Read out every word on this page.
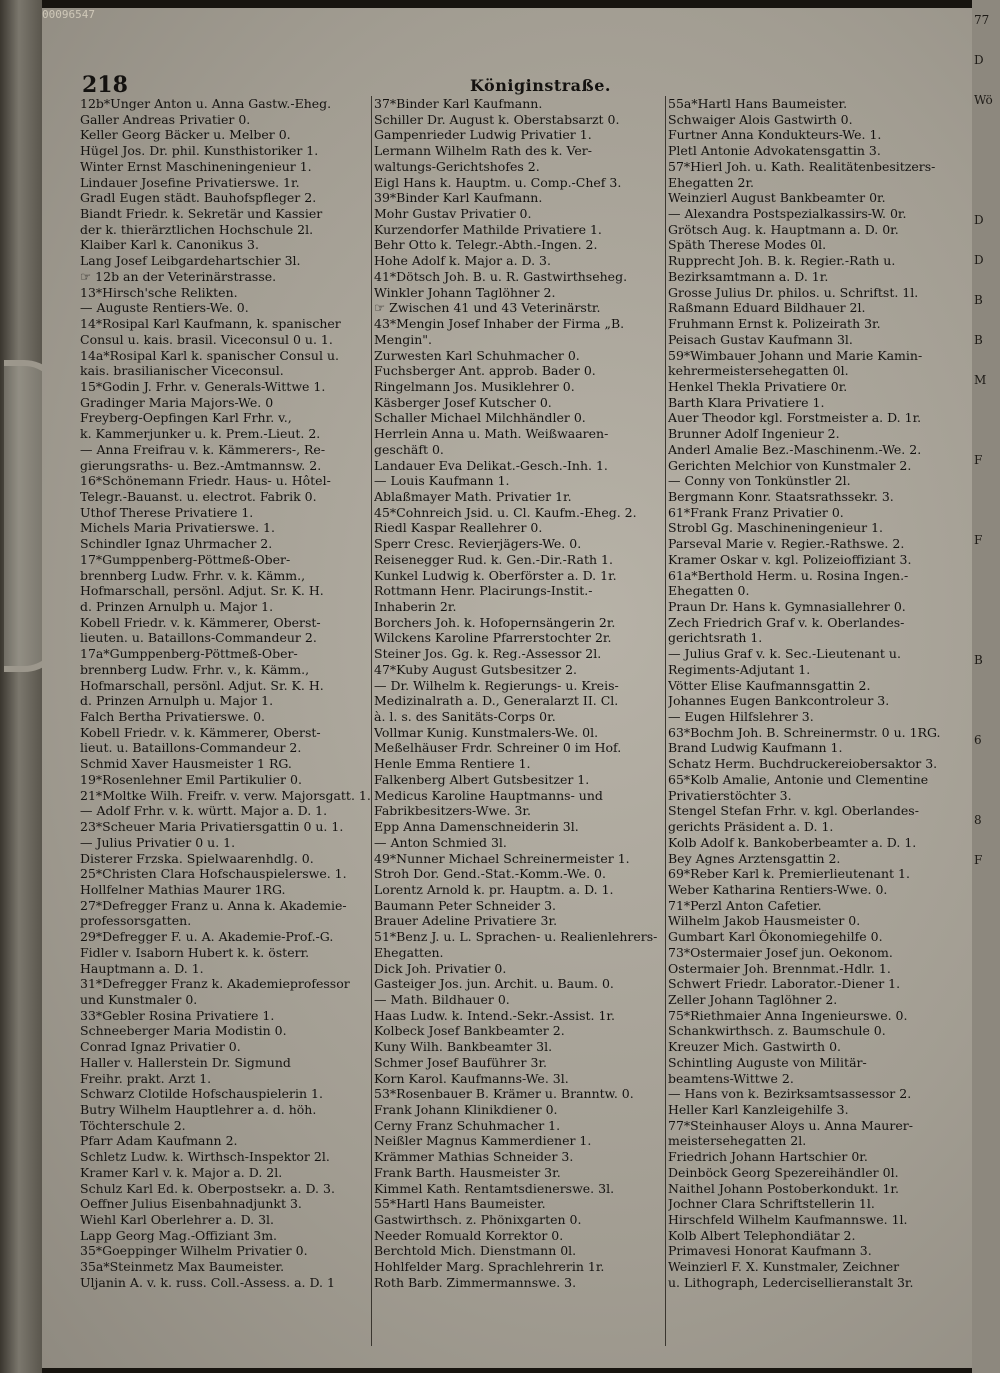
00096547
218	Königinstraße.
12b*Unger Anton u. Anna Gastw.-Eheg.
Galler Andreas Privatier 0.
Keller Georg Bäcker u. Melber 0.
Hügel Jos. Dr. phil. Kunsthistoriker 1.
Winter Ernst Maschineningenieur 1.
Lindauer Josefine Privatierswe. 1r.
Gradl Eugen städt. Bauhofspfleger 2.
Biandt Friedr. k. Sekretär und Kassier
der k. thierärztlichen Hochschule 2l.
Klaiber Karl k. Canonikus 3.
Lang Josef Leibgardehartschier 3l.
☞ 12b an der Veterinärstrasse.
13*Hirsch'sche Relikten.
— Auguste Rentiers-We. 0.
14*Rosipal Karl Kaufmann, k. spanischer
Consul u. kais. brasil. Viceconsul 0 u. 1.
14a*Rosipal Karl k. spanischer Consul u.
kais. brasilianischer Viceconsul.
15*Godin J. Frhr. v. Generals-Wittwe 1.
Gradinger Maria Majors-We. 0
Freyberg-Oepfingen Karl Frhr. v.,
k. Kammerjunker u. k. Prem.-Lieut. 2.
— Anna Freifrau v. k. Kämmerers-, Re-
gierungsraths- u. Bez.-Amtmannsw. 2.
16*Schönemann Friedr. Haus- u. Hôtel-
Telegr.-Bauanst. u. electrot. Fabrik 0.
Uthof Therese Privatiere 1.
Michels Maria Privatierswe. 1.
Schindler Ignaz Uhrmacher 2.
17*Gumppenberg-Pöttmeß-Ober-
brennberg Ludw. Frhr. v. k. Kämm.,
Hofmarschall, persönl. Adjut. Sr. K. H.
d. Prinzen Arnulph u. Major 1.
Kobell Friedr. v. k. Kämmerer, Oberst-
lieuten. u. Bataillons-Commandeur 2.
17a*Gumppenberg-Pöttmeß-Ober-
brennberg Ludw. Frhr. v., k. Kämm.,
Hofmarschall, persönl. Adjut. Sr. K. H.
d. Prinzen Arnulph u. Major 1.
Falch Bertha Privatierswe. 0.
Kobell Friedr. v. k. Kämmerer, Oberst-
lieut. u. Bataillons-Commandeur 2.
Schmid Xaver Hausmeister 1 RG.
19*Rosenlehner Emil Partikulier 0.
21*Moltke Wilh. Freifr. v. verw. Majorsgatt. 1.
— Adolf Frhr. v. k. württ. Major a. D. 1.
23*Scheuer Maria Privatiersgattin 0 u. 1.
— Julius Privatier 0 u. 1.
Disterer Frzska. Spielwaarenhdlg. 0.
25*Christen Clara Hofschauspielerswe. 1.
Hollfelner Mathias Maurer 1RG.
27*Defregger Franz u. Anna k. Akademie-
professorsgatten.
29*Defregger F. u. A. Akademie-Prof.-G.
Fidler v. Isaborn Hubert k. k. österr.
Hauptmann a. D. 1.
31*Defregger Franz k. Akademieprofessor
und Kunstmaler 0.
33*Gebler Rosina Privatiere 1.
Schneeberger Maria Modistin 0.
Conrad Ignaz Privatier 0.
Haller v. Hallerstein Dr. Sigmund
Freihr. prakt. Arzt 1.
Schwarz Clotilde Hofschauspielerin 1.
Butry Wilhelm Hauptlehrer a. d. höh.
Töchterschule 2.
Pfarr Adam Kaufmann 2.
Schletz Ludw. k. Wirthsch-Inspektor 2l.
Kramer Karl v. k. Major a. D. 2l.
Schulz Karl Ed. k. Oberpostsekr. a. D. 3.
Oeffner Julius Eisenbahnadjunkt 3.
Wiehl Karl Oberlehrer a. D. 3l.
Lapp Georg Mag.-Offiziant 3m.
35*Goeppinger Wilhelm Privatier 0.
35a*Steinmetz Max Baumeister.
Uljanin A. v. k. russ. Coll.-Assess. a. D. 1
37*Binder Karl Kaufmann.
Schiller Dr. August k. Oberstabsarzt 0.
Gampenrieder Ludwig Privatier 1.
Lermann Wilhelm Rath des k. Ver-
waltungs-Gerichtshofes 2.
Eigl Hans k. Hauptm. u. Comp.-Chef 3.
39*Binder Karl Kaufmann.
Mohr Gustav Privatier 0.
Kurzendorfer Mathilde Privatiere 1.
Behr Otto k. Telegr.-Abth.-Ingen. 2.
Hohe Adolf k. Major a. D. 3.
41*Dötsch Joh. B. u. R. Gastwirthseheg.
Winkler Johann Taglöhner 2.
☞ Zwischen 41 und 43 Veterinärstr.
43*Mengin Josef Inhaber der Firma „B.
Mengin".
Zurwesten Karl Schuhmacher 0.
Fuchsberger Ant. approb. Bader 0.
Ringelmann Jos. Musiklehrer 0.
Käsberger Josef Kutscher 0.
Schaller Michael Milchhändler 0.
Herrlein Anna u. Math. Weißwaaren-
geschäft 0.
Landauer Eva Delikat.-Gesch.-Inh. 1.
— Louis Kaufmann 1.
Ablaßmayer Math. Privatier 1r.
45*Cohnreich Jsid. u. Cl. Kaufm.-Eheg. 2.
Riedl Kaspar Reallehrer 0.
Sperr Cresc. Revierjägers-We. 0.
Reisenegger Rud. k. Gen.-Dir.-Rath 1.
Kunkel Ludwig k. Oberförster a. D. 1r.
Rottmann Henr. Placirungs-Instit.-
Inhaberin 2r.
Borchers Joh. k. Hofopernsängerin 2r.
Wilckens Karoline Pfarrerstochter 2r.
Steiner Jos. Gg. k. Reg.-Assessor 2l.
47*Kuby August Gutsbesitzer 2.
— Dr. Wilhelm k. Regierungs- u. Kreis-
Medizinalrath a. D., Generalarzt II. Cl.
à. l. s. des Sanitäts-Corps 0r.
Vollmar Kunig. Kunstmalers-We. 0l.
Meßelhäuser Frdr. Schreiner 0 im Hof.
Henle Emma Rentiere 1.
Falkenberg Albert Gutsbesitzer 1.
Medicus Karoline Hauptmanns- und
Fabrikbesitzers-Wwe. 3r.
Epp Anna Damenschneiderin 3l.
— Anton Schmied 3l.
49*Nunner Michael Schreinermeister 1.
Stroh Dor. Gend.-Stat.-Komm.-We. 0.
Lorentz Arnold k. pr. Hauptm. a. D. 1.
Baumann Peter Schneider 3.
Brauer Adeline Privatiere 3r.
51*Benz J. u. L. Sprachen- u. Realienlehrers-
Ehegatten.
Dick Joh. Privatier 0.
Gasteiger Jos. jun. Archit. u. Baum. 0.
— Math. Bildhauer 0.
Haas Ludw. k. Intend.-Sekr.-Assist. 1r.
Kolbeck Josef Bankbeamter 2.
Kuny Wilh. Bankbeamter 3l.
Schmer Josef Bauführer 3r.
Korn Karol. Kaufmanns-We. 3l.
53*Rosenbauer B. Krämer u. Branntw. 0.
Frank Johann Klinikdiener 0.
Cerny Franz Schuhmacher 1.
Neißler Magnus Kammerdiener 1.
Krämmer Mathias Schneider 3.
Frank Barth. Hausmeister 3r.
Kimmel Kath. Rentamtsdienerswe. 3l.
55*Hartl Hans Baumeister.
Gastwirthsch. z. Phönixgarten 0.
Needer Romuald Korrektor 0.
Berchtold Mich. Dienstmann 0l.
Hohlfelder Marg. Sprachlehrerin 1r.
Roth Barb. Zimmermannswe. 3.
55a*Hartl Hans Baumeister.
Schwaiger Alois Gastwirth 0.
Furtner Anna Kondukteurs-We. 1.
Pletl Antonie Advokatensgattin 3.
57*Hierl Joh. u. Kath. Realitätenbesitzers-
Ehegatten 2r.
Weinzierl August Bankbeamter 0r.
— Alexandra Postspezialkassirs-W. 0r.
Grötsch Aug. k. Hauptmann a. D. 0r.
Späth Therese Modes 0l.
Rupprecht Joh. B. k. Regier.-Rath u.
Bezirksamtmann a. D. 1r.
Grosse Julius Dr. philos. u. Schriftst. 1l.
Raßmann Eduard Bildhauer 2l.
Fruhmann Ernst k. Polizeirath 3r.
Peisach Gustav Kaufmann 3l.
59*Wimbauer Johann und Marie Kamin-
kehrermeistersehegatten 0l.
Henkel Thekla Privatiere 0r.
Barth Klara Privatiere 1.
Auer Theodor kgl. Forstmeister a. D. 1r.
Brunner Adolf Ingenieur 2.
Anderl Amalie Bez.-Maschinenm.-We. 2.
Gerichten Melchior von Kunstmaler 2.
— Conny von Tonkünstler 2l.
Bergmann Konr. Staatsrathssekr. 3.
61*Frank Franz Privatier 0.
Strobl Gg. Maschineningenieur 1.
Parseval Marie v. Regier.-Rathswe. 2.
Kramer Oskar v. kgl. Polizeioffiziant 3.
61a*Berthold Herm. u. Rosina Ingen.-
Ehegatten 0.
Praun Dr. Hans k. Gymnasiallehrer 0.
Zech Friedrich Graf v. k. Oberlandes-
gerichtsrath 1.
— Julius Graf v. k. Sec.-Lieutenant u.
Regiments-Adjutant 1.
Vötter Elise Kaufmannsgattin 2.
Johannes Eugen Bankcontroleur 3.
— Eugen Hilfslehrer 3.
63*Bochm Joh. B. Schreinermstr. 0 u. 1RG.
Brand Ludwig Kaufmann 1.
Schatz Herm. Buchdruckereiobersaktor 3.
65*Kolb Amalie, Antonie und Clementine
Privatierstöchter 3.
Stengel Stefan Frhr. v. kgl. Oberlandes-
gerichts Präsident a. D. 1.
Kolb Adolf k. Bankoberbeamter a. D. 1.
Bey Agnes Arztensgattin 2.
69*Reber Karl k. Premierlieutenant 1.
Weber Katharina Rentiers-Wwe. 0.
71*Perzl Anton Cafetier.
Wilhelm Jakob Hausmeister 0.
Gumbart Karl Ökonomiegehilfe 0.
73*Ostermaier Josef jun. Oekonom.
Ostermaier Joh. Brennmat.-Hdlr. 1.
Schwert Friedr. Laborator.-Diener 1.
Zeller Johann Taglöhner 2.
75*Riethmaier Anna Ingenieurswe. 0.
Schankwirthsch. z. Baumschule 0.
Kreuzer Mich. Gastwirth 0.
Schintling Auguste von Militär-
beamtens-Wittwe 2.
— Hans von k. Bezirksamtsassessor 2.
Heller Karl Kanzleigehilfe 3.
77*Steinhauser Aloys u. Anna Maurer-
meistersehegatten 2l.
Friedrich Johann Hartschier 0r.
Deinböck Georg Spezereihändler 0l.
Naithel Johann Postoberkondukt. 1r.
Jochner Clara Schriftstellerin 1l.
Hirschfeld Wilhelm Kaufmannswe. 1l.
Kolb Albert Telephondiätar 2.
Primavesi Honorat Kaufmann 3.
Weinzierl F. X. Kunstmaler, Zeichner
u. Lithograph, Ledercisellieranstalt 3r.
77
D
Wö

D
D
B
B
M

F

F

B

6

8
F
